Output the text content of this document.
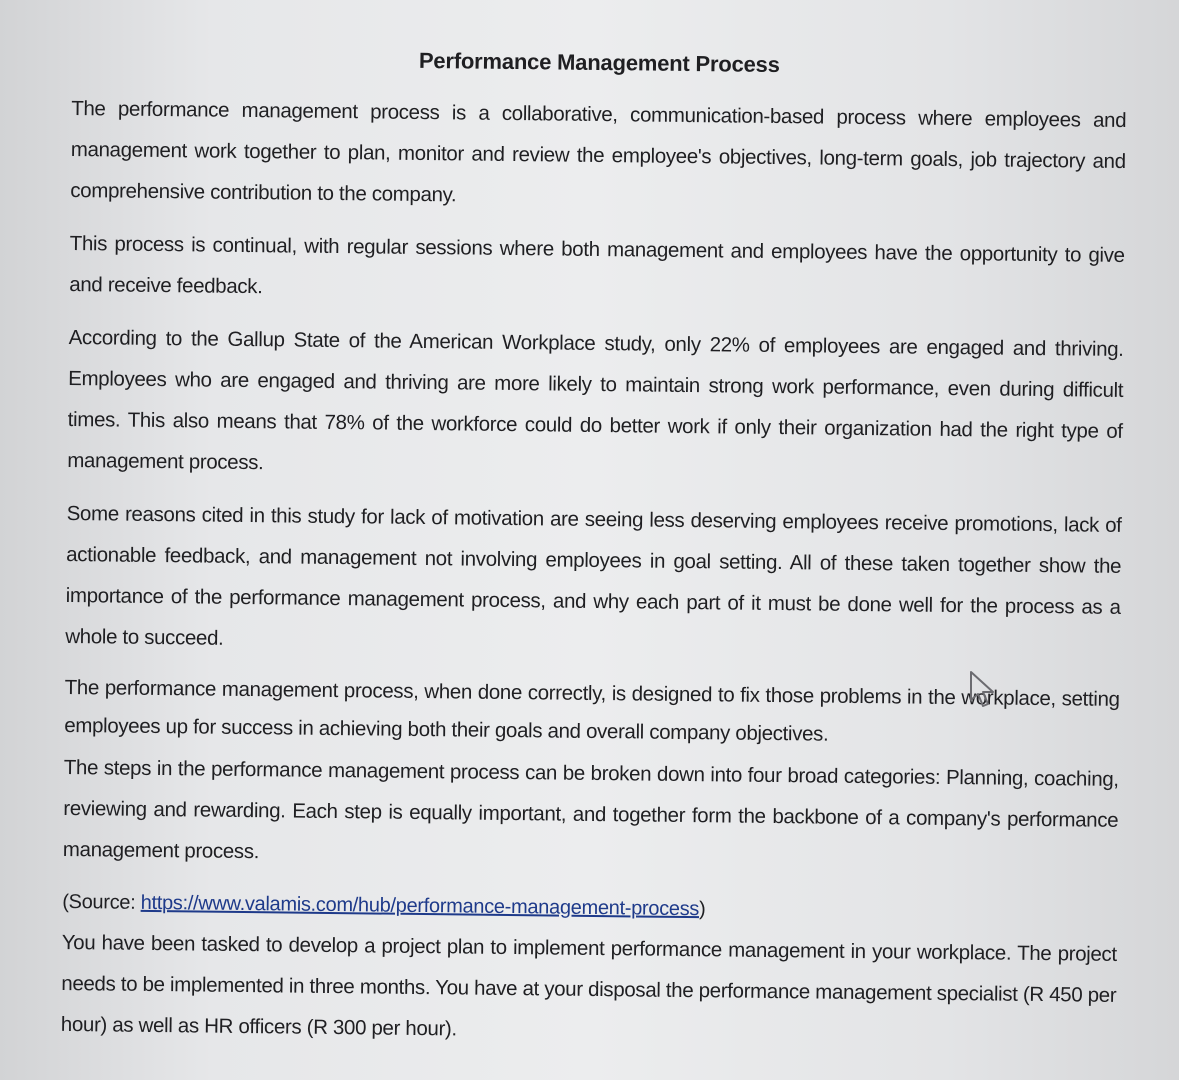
Performance Management Process

The performance management process is a collaborative, communication-based process where employees and management work together to plan, monitor and review the employee's objectives, long-term goals, job trajectory and comprehensive contribution to the company.

This process is continual, with regular sessions where both management and employees have the opportunity to give and receive feedback.

According to the Gallup State of the American Workplace study, only 22% of employees are engaged and thriving. Employees who are engaged and thriving are more likely to maintain strong work performance, even during difficult times. This also means that 78% of the workforce could do better work if only their organization had the right type of management process.

Some reasons cited in this study for lack of motivation are seeing less deserving employees receive promotions, lack of actionable feedback, and management not involving employees in goal setting. All of these taken together show the importance of the performance management process, and why each part of it must be done well for the process as a whole to succeed.

The performance management process, when done correctly, is designed to fix those problems in the workplace, setting employees up for success in achieving both their goals and overall company objectives.

The steps in the performance management process can be broken down into four broad categories: Planning, coaching, reviewing and rewarding. Each step is equally important, and together form the backbone of a company's performance management process.

(Source: https://www.valamis.com/hub/performance-management-process)

You have been tasked to develop a project plan to implement performance management in your workplace. The project needs to be implemented in three months. You have at your disposal the performance management specialist (R 450 per hour) as well as HR officers (R 300 per hour).
